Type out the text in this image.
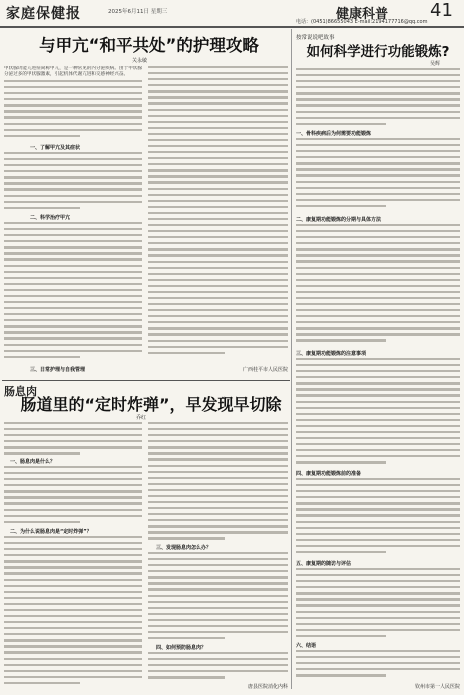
家庭保健报	2025年6月11日 星期三	健康科普 41
电话：(0451)86655043 E-mail:2194177716@qq.com
与甲亢“和平共处”的护理攻略
关永敏
甲状腺功能亢进症简称甲亢，是一种常见的内分泌疾病。由于甲状腺分泌过多的甲状腺激素，引起机体代谢亢进和交感神经兴奋。
一、了解甲亢及其症状
二、科学治疗甲亢
三、日常护理与自我管理	广西桂平市人民医院
肠息肉
肠道里的“定时炸弹”，早发现早切除
乔红
一、肠息肉是什么？
二、为什么说肠息肉是“定时炸弹”？
三、发现肠息肉怎么办？
四、如何预防肠息肉？
唐县医院消化内科
按常说说吧故事
如何科学进行功能锻炼?
吴辉
一、骨科疾病后为何需要功能锻炼
二、康复期功能锻炼的分期与具体方法
三、康复期功能锻炼的注意事项
四、康复期功能锻炼前的准备
五、康复期的随访与评估
六、结语
钦州市第一人民医院
